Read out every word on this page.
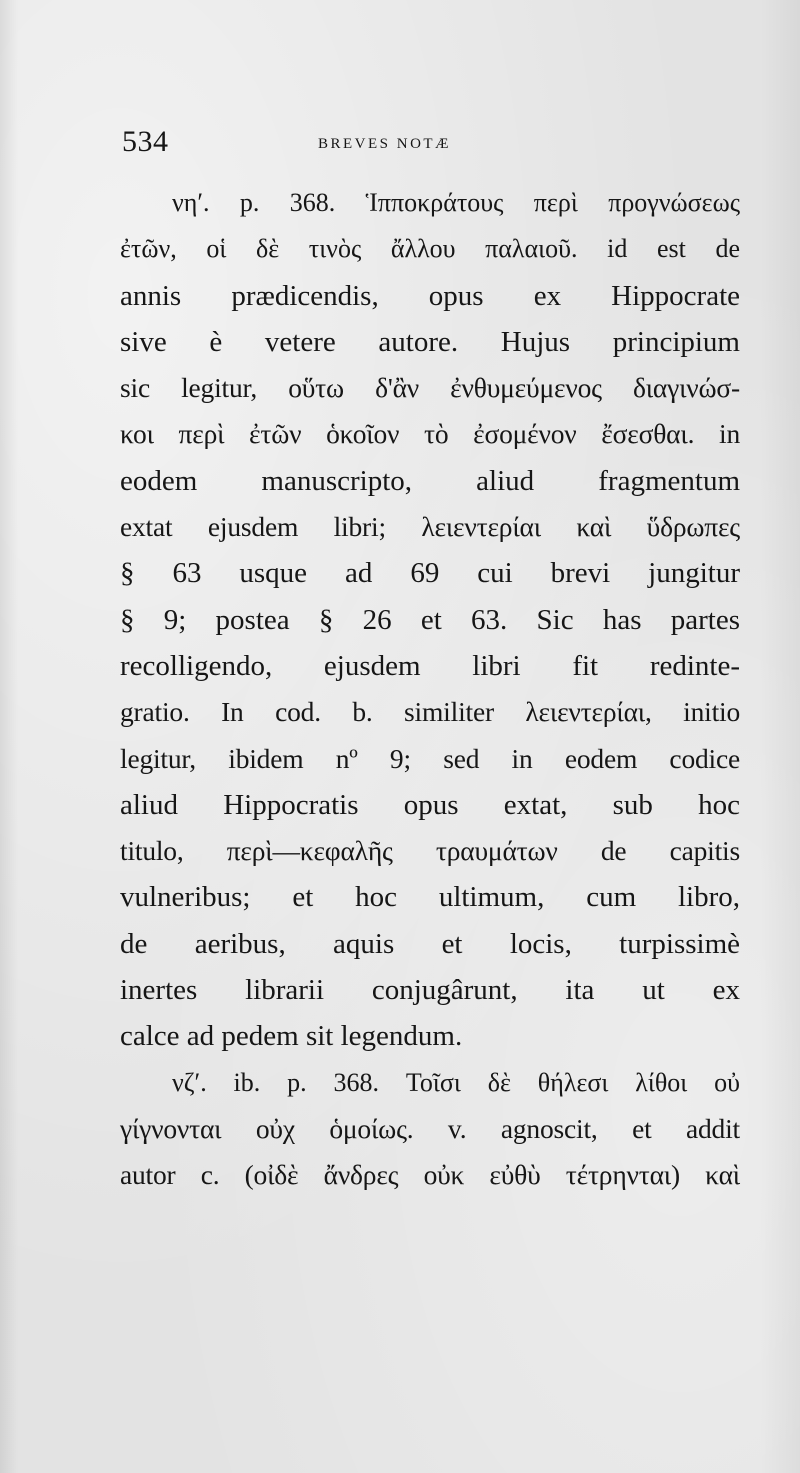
534	BREVES NOTÆ
νη′. p. 368. Ἱπποκράτους περὶ προγνώσεως
ἐτῶν, οἱ δὲ τινὸς ἄλλου παλαιοῦ. id est de
annis prædicendis, opus ex Hippocrate
sive è vetere autore. Hujus principium
sic legitur, οὕτω δ'ἂν ἐνθυμεύμενος διαγινώσ-
κοι περὶ ἐτῶν ὁκοῖον τὸ ἐσομένον ἔσεσθαι. in
eodem manuscripto, aliud fragmentum
extat ejusdem libri; λειεντερίαι καὶ ὕδρωπες
§ 63 usque ad 69 cui brevi jungitur
§ 9; postea § 26 et 63. Sic has partes
recolligendo, ejusdem libri fit redinte-
gratio. In cod. b. similiter λειεντερίαι, initio
legitur, ibidem nº 9; sed in eodem codice
aliud Hippocratis opus extat, sub hoc
titulo, περὶ—κεφαλῆς τραυμάτων de capitis
vulneribus; et hoc ultimum, cum libro,
de aeribus, aquis et locis, turpissimè
inertes librarii conjugârunt, ita ut ex
calce ad pedem sit legendum.
νζ′. ib. p. 368. Τοῖσι δὲ θήλεσι λίθοι οὐ
γίγνονται οὐχ ὁμοίως. v. agnoscit, et addit
autor c. (οἰδὲ ἄνδρες οὐκ εὐθὺ τέτρηνται) καὶ
